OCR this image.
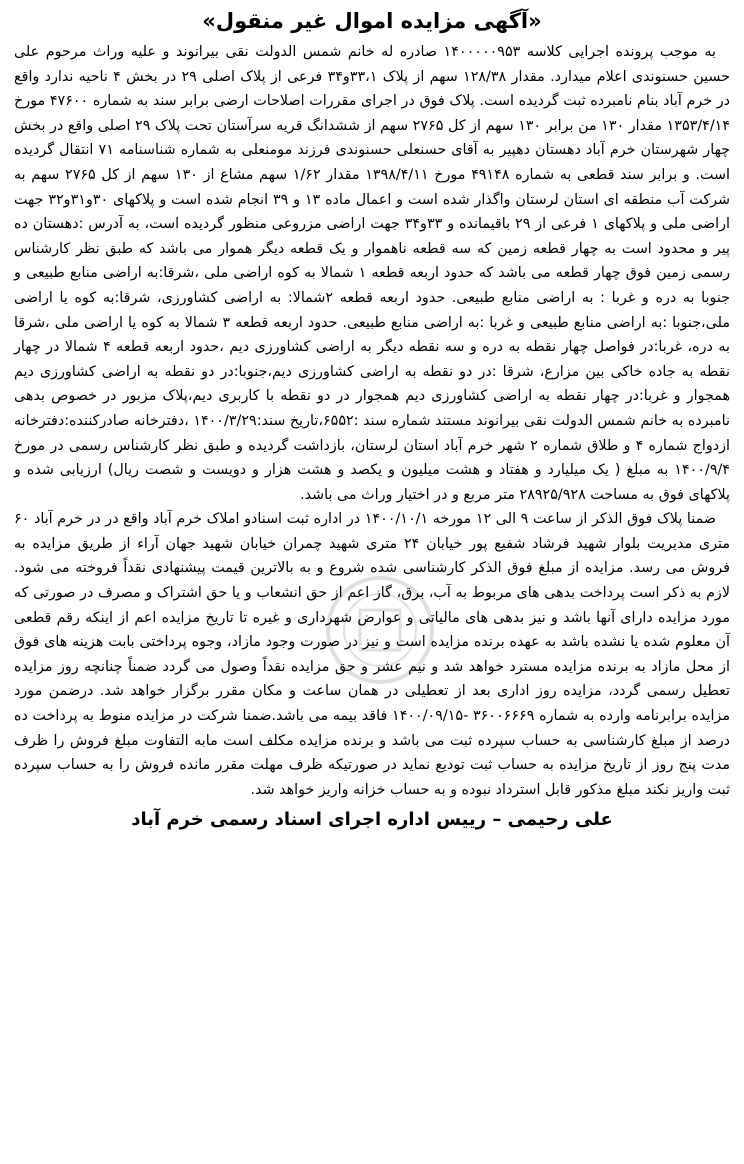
«آگهی مزایده اموال غیر منقول»

به موجب پرونده اجرایی کلاسه ۱۴۰۰۰۰۰۹۵۳ صادره له خانم شمس الدولت نقی بیرانوند و علیه وراث مرحوم علی حسین حسنوندی اعلام میدارد. مقدار ۱۲۸/۳۸ سهم از پلاک ۳۳،۱و۳۴ فرعی از پلاک اصلی ۲۹ در بخش ۴ ناحیه ندارد واقع در خرم آباد بنام نامبرده ثبت گردیده است. پلاک فوق در اجرای مقررات اصلاحات ارضی برابر سند به شماره ۴۷۶۰۰ مورخ ۱۳۵۳/۴/۱۴ مقدار ۱۳۰ من برابر ۱۳۰ سهم از کل ۲۷۶۵ سهم از ششدانگ قریه سرآستان تحت پلاک ۲۹ اصلی واقع در بخش چهار شهرستان خرم آباد دهستان دهپیر به آقای حسنعلی حسنوندی فرزند مومنعلی به شماره شناسنامه ۷۱ انتقال گردیده است. و برابر سند قطعی به شماره ۴۹۱۴۸ مورخ ۱۳۹۸/۴/۱۱ مقدار ۱/۶۲ سهم مشاع از ۱۳۰ سهم از کل ۲۷۶۵ سهم به شرکت آب منطقه ای استان لرستان واگذار شده است و اعمال ماده ۱۳ و ۳۹ انجام شده است و پلاکهای ۳۰و۳۱و۳۲ جهت اراضی ملی و پلاکهای ۱ فرعی از ۲۹ باقیمانده و ۳۳و۳۴ جهت اراضی مزروعی منظور گردیده است، به آدرس :دهستان ده پیر و محدود است به چهار قطعه زمین که سه قطعه ناهموار و یک قطعه دیگر هموار می باشد که طبق نظر کارشناس رسمی زمین فوق چهار قطعه می باشد که حدود اربعه قطعه ۱ شمالا به کوه اراضی ملی ،شرقا:به اراضی منابع طبیعی و جنوبا به دره و غربا : به اراضی منابع طبیعی. حدود اربعه قطعه ۲شمالا: به اراضی کشاورزی، شرقا:به کوه یا اراضی ملی،جنوبا :به اراضی منابع طبیعی و غربا :به اراضی منابع طبیعی. حدود اربعه قطعه ۳ شمالا به کوه یا اراضی ملی ،شرقا به دره، غربا:در فواصل چهار نقطه به دره و سه نقطه دیگر به اراضی کشاورزی دیم ،حدود اربعه قطعه ۴ شمالا در چهار نقطه به جاده خاکی بین مزارع، شرقا :در دو نقطه به اراضی کشاورزی دیم،جنوبا:در دو نقطه به اراضی کشاورزی دیم همجوار و غربا:در چهار نقطه به اراضی کشاورزی دیم همجوار در دو نقطه با کاربری دیم،پلاک مزبور در خصوص بدهی نامبرده به خانم شمس الدولت نقی بیرانوند مستند شماره سند :۶۵۵۲،تاریخ سند:۱۴۰۰/۳/۲۹ ،دفترخانه صادرکننده:دفترخانه ازدواج شماره ۴ و طلاق شماره ۲ شهر خرم آباد استان لرستان، بازداشت گردیده و طبق نظر کارشناس رسمی در مورخ ۱۴۰۰/۹/۴ به مبلغ ( یک میلیارد و هفتاد و هشت میلیون و یکصد و هشت هزار و دویست و شصت ریال) ارزیابی شده و پلاکهای فوق به مساحت ۲۸۹۲۵/۹۲۸ متر مربع و در اختیار وراث می باشد.

ضمنا پلاک فوق الذکر از ساعت ۹ الی ۱۲ مورخه ۱۴۰۰/۱۰/۱ در اداره ثبت اسنادو املاک خرم آباد واقع در در خرم آباد ۶۰ متری مدیریت بلوار شهید فرشاد شفیع پور خیابان ۲۴ متری شهید چمران خیابان شهید جهان آراء از طریق مزایده به فروش می رسد. مزایده از مبلغ فوق الذکر کارشناسی شده شروع و به بالاترین قیمت پیشنهادی نقداً فروخته می شود. لازم به ذکر است پرداخت بدهی های مربوط به آب، برق، گاز اعم از حق انشعاب و یا حق اشتراک و مصرف در صورتی که مورد مزایده دارای آنها باشد و نیز بدهی های مالیاتی و عوارض شهرداری و غیره تا تاریخ مزایده اعم از اینکه رقم قطعی آن معلوم شده یا نشده باشد به عهده برنده مزایده است و نیز در صورت وجود مازاد، وجوه پرداختی بابت هزینه های فوق از محل مازاد به برنده مزایده مسترد خواهد شد و نیم عشر و حق مزایده نقداً وصول می گردد ضمناً چنانچه روز مزایده تعطیل رسمی گردد، مزایده روز اداری بعد از تعطیلی در همان ساعت و مکان مقرر برگزار خواهد شد. درضمن مورد مزایده برابرنامه وارده به شماره ۳۶۰۰۶۶۶۹ -۱۴۰۰/۰۹/۱۵ فاقد بیمه می باشد.ضمنا شرکت در مزایده منوط به پرداخت ده درصد از مبلغ کارشناسی به حساب سپرده ثبت می باشد و برنده مزایده مکلف است مابه التفاوت مبلغ فروش را ظرف مدت پنج روز از تاریخ مزایده به حساب ثبت تودیع نماید در صورتیکه ظرف مهلت مقرر مانده فروش را به حساب سپرده ثبت واریز نکند مبلغ مذکور قابل استرداد نبوده و به حساب خزانه واریز خواهد شد.

علی رحیمی – رییس اداره اجرای اسناد رسمی خرم آباد
